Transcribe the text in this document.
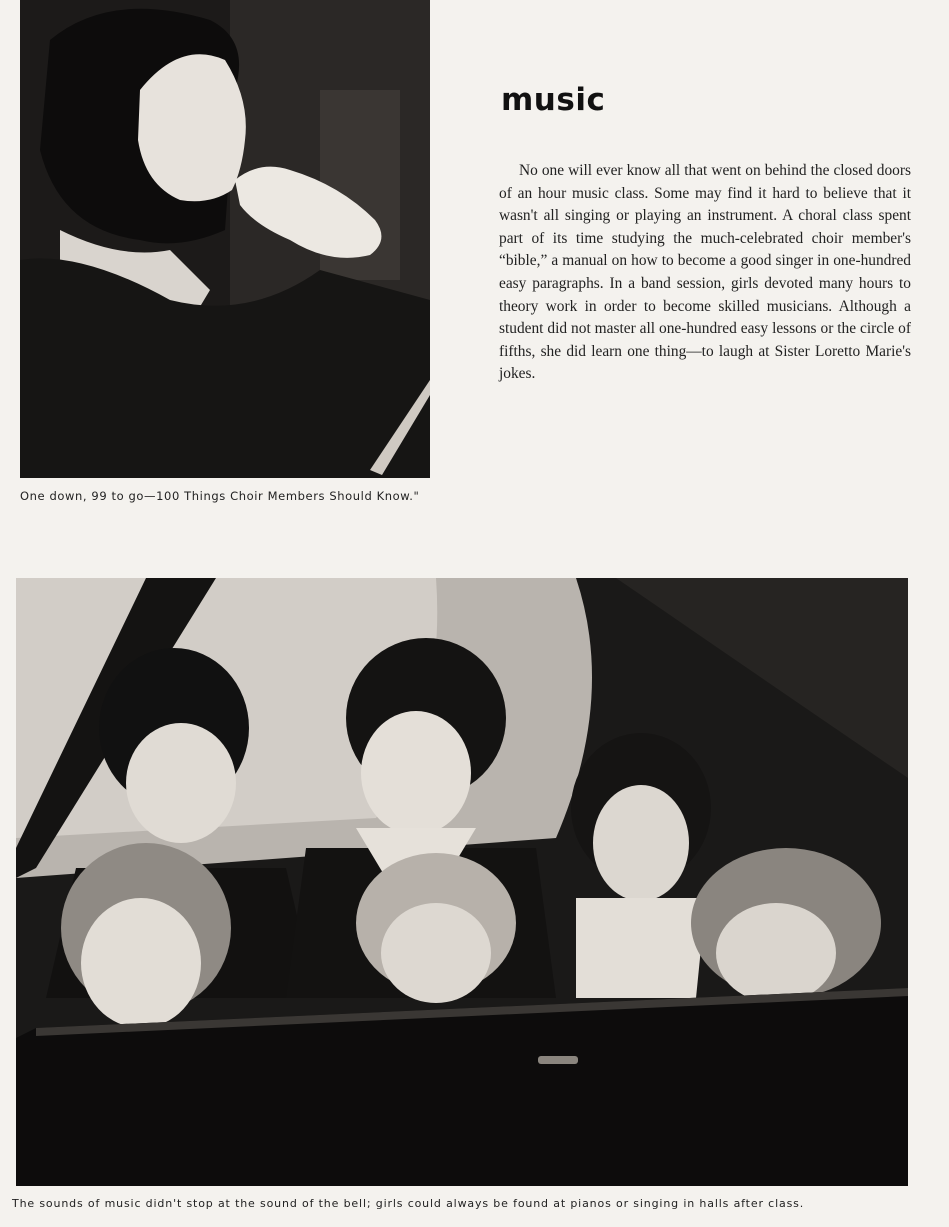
One down, 99 to go—100 Things Choir Members Should Know."
music

No one will ever know all that went on behind the closed doors of an hour music class. Some may find it hard to believe that it wasn't all singing or playing an instrument. A choral class spent part of its time studying the much-celebrated choir member's “bible,” a manual on how to become a good singer in one-hundred easy paragraphs. In a band session, girls devoted many hours to theory work in order to become skilled musicians. Although a student did not master all one-hundred easy lessons or the circle of fifths, she did learn one thing—to laugh at Sister Loretto Marie's jokes.

The sounds of music didn't stop at the sound of the bell; girls could always be found at pianos or singing in halls after class.
